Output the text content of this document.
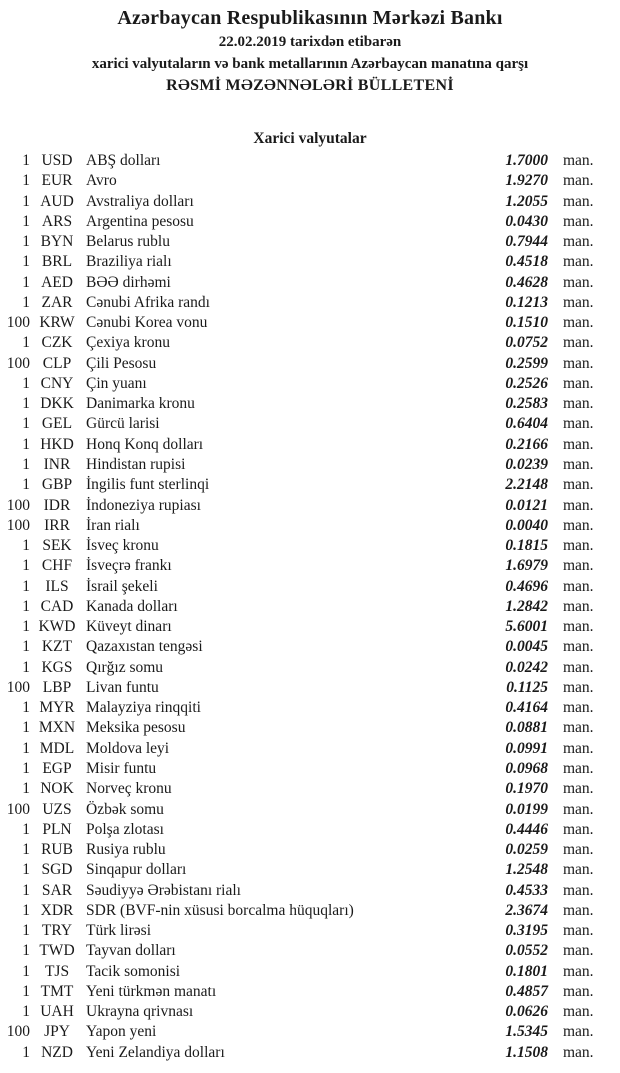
Azərbaycan Respublikasının Mərkəzi Bankı
22.02.2019 tarixdən etibarən
xarici valyutaların və bank metallarının Azərbaycan manatına qarşı
RƏSMİ MƏZƏNNƏLƏRİ BÜLLETENİ
Xarici valyutalar
1 USD ABŞ dolları	1.7000 man.
1 EUR Avro	1.9270 man.
1 AUD Avstraliya dolları	1.2055 man.
1 ARS Argentina pesosu	0.0430 man.
1 BYN Belarus rublu	0.7944 man.
1 BRL Braziliya rialı	0.4518 man.
1 AED BƏƏ dirhəmi	0.4628 man.
1 ZAR Cənubi Afrika randı	0.1213 man.
100 KRW Cənubi Korea vonu	0.1510 man.
1 CZK Çexiya kronu	0.0752 man.
100 CLP Çili Pesosu	0.2599 man.
1 CNY Çin yuanı	0.2526 man.
1 DKK Danimarka kronu	0.2583 man.
1 GEL Gürcü larisi	0.6404 man.
1 HKD Honq Konq dolları	0.2166 man.
1 INR	Hindistan rupisi	0.0239 man.
1 GBP İngilis funt sterlinqi	2.2148 man.
100 IDR	İndoneziya rupiası	0.0121 man.
100 IRR	İran rialı	0.0040 man.
1 SEK İsveç kronu	0.1815 man.
1 CHF İsveçrə frankı	1.6979 man.
1 ILS	İsrail şekeli	0.4696 man.
1 CAD Kanada dolları	1.2842 man.
1 KWD Küveyt dinarı	5.6001 man.
1 KZT Qazaxıstan tengəsi	0.0045 man.
1 KGS Qırğız somu	0.0242 man.
100 LBP Livan funtu	0.1125 man.
1 MYR Malayziya rinqqiti	0.4164 man.
1 MXN Meksika pesosu	0.0881 man.
1 MDL Moldova leyi	0.0991 man.
1 EGP Misir funtu	0.0968 man.
1 NOK Norveç kronu	0.1970 man.
100 UZS Özbək somu	0.0199 man.
1 PLN Polşa zlotası	0.4446 man.
1 RUB Rusiya rublu	0.0259 man.
1 SGD Sinqapur dolları	1.2548 man.
1 SAR Səudiyyə Ərəbistanı rialı	0.4533 man.
1 XDR SDR (BVF-nin xüsusi borcalma hüquqları)	2.3674 man.
1 TRY Türk lirəsi	0.3195 man.
1 TWD Tayvan dolları	0.0552 man.
1 TJS	Tacik somonisi	0.1801 man.
1 TMT Yeni türkmən manatı	0.4857 man.
1 UAH Ukrayna qrivnası	0.0626 man.
100 JPY	Yapon yeni	1.5345 man.
1 NZD Yeni Zelandiya dolları	1.1508 man.
